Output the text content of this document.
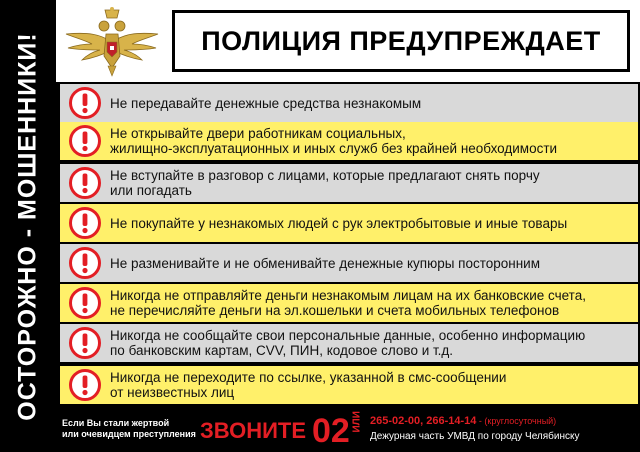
ОСТОРОЖНО - МОШЕННИКИ!	ПОЛИЦИЯ ПРЕДУПРЕЖДАЕТ
Не передавайте денежные средства незнакомым
Не открывайте двери работникам социальных,
жилищно-эксплуатационных и иных служб без крайней необходимости
Не вступайте в разговор с лицами, которые предлагают снять порчу
или погадать
Не покупайте у незнакомых людей с рук электробытовые и иные товары
Не разменивайте и не обменивайте денежные купюры посторонним
Никогда не отправляйте деньги незнакомым лицам на их банковские счета,
не перечисляйте деньги на эл.кошельки и счета мобильных телефонов
Никогда не сообщайте свои персональные данные, особенно информацию
по банковским картам, CVV, ПИН, кодовое слово и т.д.
Никогда не переходите по ссылке, указанной в смс-сообщении
от неизвестных лиц
Если Вы стали жертвой
или очевидцем преступления ЗВОНИТЕ 02 ИЛИ 265-02-00, 266-14-14 - (круглосуточный)
Дежурная часть УМВД по городу Челябинску
